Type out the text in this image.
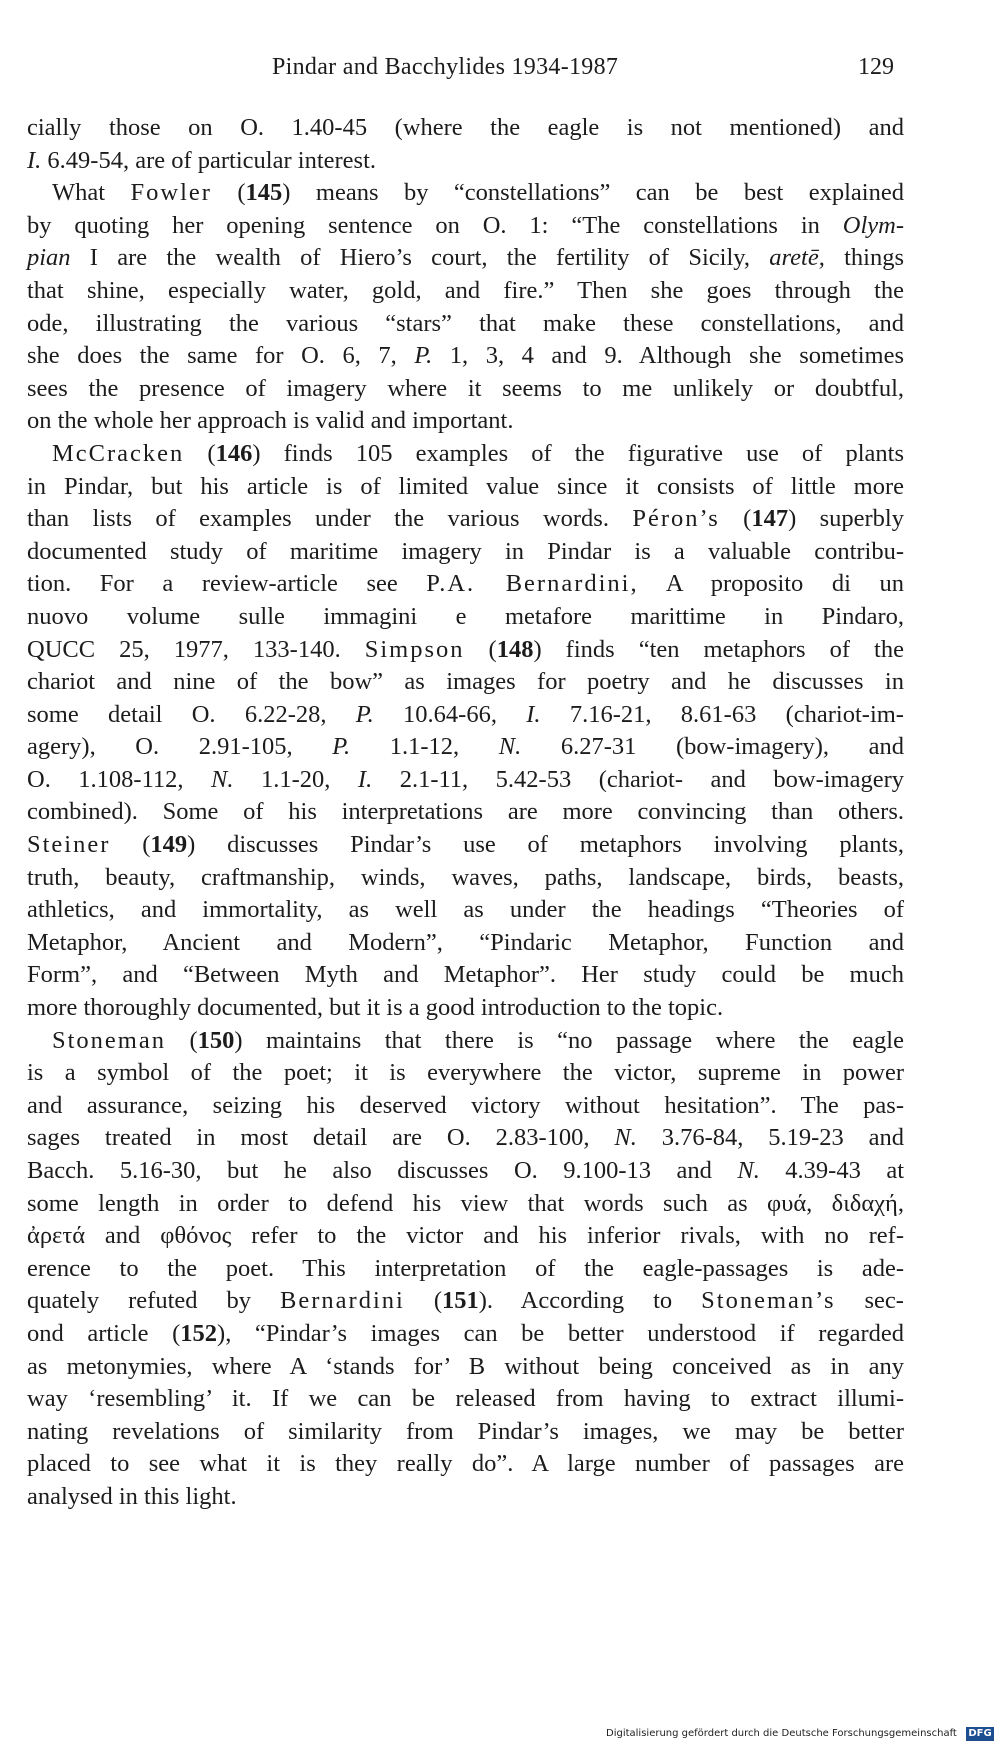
Pindar and Bacchylides 1934-1987	129
cially those on O. 1.40-45 (where the eagle is not mentioned) and
I. 6.49-54, are of particular interest.
What Fowler (145) means by “constellations” can be best explained
by quoting her opening sentence on O. 1: “The constellations in Olym-
pian I are the wealth of Hiero’s court, the fertility of Sicily, aretē, things
that shine, especially water, gold, and fire.” Then she goes through the
ode, illustrating the various “stars” that make these constellations, and
she does the same for O. 6, 7, P. 1, 3, 4 and 9. Although she sometimes
sees the presence of imagery where it seems to me unlikely or doubtful,
on the whole her approach is valid and important.
McCracken (146) finds 105 examples of the figurative use of plants
in Pindar, but his article is of limited value since it consists of little more
than lists of examples under the various words. Péron’s (147) superbly
documented study of maritime imagery in Pindar is a valuable contribu-
tion. For a review-article see P.A. Bernardini, A proposito di un
nuovo volume sulle immagini e metafore marittime in Pindaro,
QUCC 25, 1977, 133-140. Simpson (148) finds “ten metaphors of the
chariot and nine of the bow” as images for poetry and he discusses in
some detail O. 6.22-28, P. 10.64-66, I. 7.16-21, 8.61-63 (chariot-im-
agery), O. 2.91-105, P. 1.1-12, N. 6.27-31 (bow-imagery), and
O. 1.108-112, N. 1.1-20, I. 2.1-11, 5.42-53 (chariot- and bow-imagery
combined). Some of his interpretations are more convincing than others.
Steiner (149) discusses Pindar’s use of metaphors involving plants,
truth, beauty, craftmanship, winds, waves, paths, landscape, birds, beasts,
athletics, and immortality, as well as under the headings “Theories of
Metaphor, Ancient and Modern”, “Pindaric Metaphor, Function and
Form”, and “Between Myth and Metaphor”. Her study could be much
more thoroughly documented, but it is a good introduction to the topic.
Stoneman (150) maintains that there is “no passage where the eagle
is a symbol of the poet; it is everywhere the victor, supreme in power
and assurance, seizing his deserved victory without hesitation”. The pas-
sages treated in most detail are O. 2.83-100, N. 3.76-84, 5.19-23 and
Bacch. 5.16-30, but he also discusses O. 9.100-13 and N. 4.39-43 at
some length in order to defend his view that words such as φυά, διδαχή,
ἀρετά and φθόνος refer to the victor and his inferior rivals, with no ref-
erence to the poet. This interpretation of the eagle-passages is ade-
quately refuted by Bernardini (151). According to Stoneman’s sec-
ond article (152), “Pindar’s images can be better understood if regarded
as metonymies, where A ‘stands for’ B without being conceived as in any
way ‘resembling’ it. If we can be released from having to extract illumi-
nating revelations of similarity from Pindar’s images, we may be better
placed to see what it is they really do”. A large number of passages are
analysed in this light.
Digitalisierung gefördert durch die Deutsche Forschungsgemeinschaft DFG
